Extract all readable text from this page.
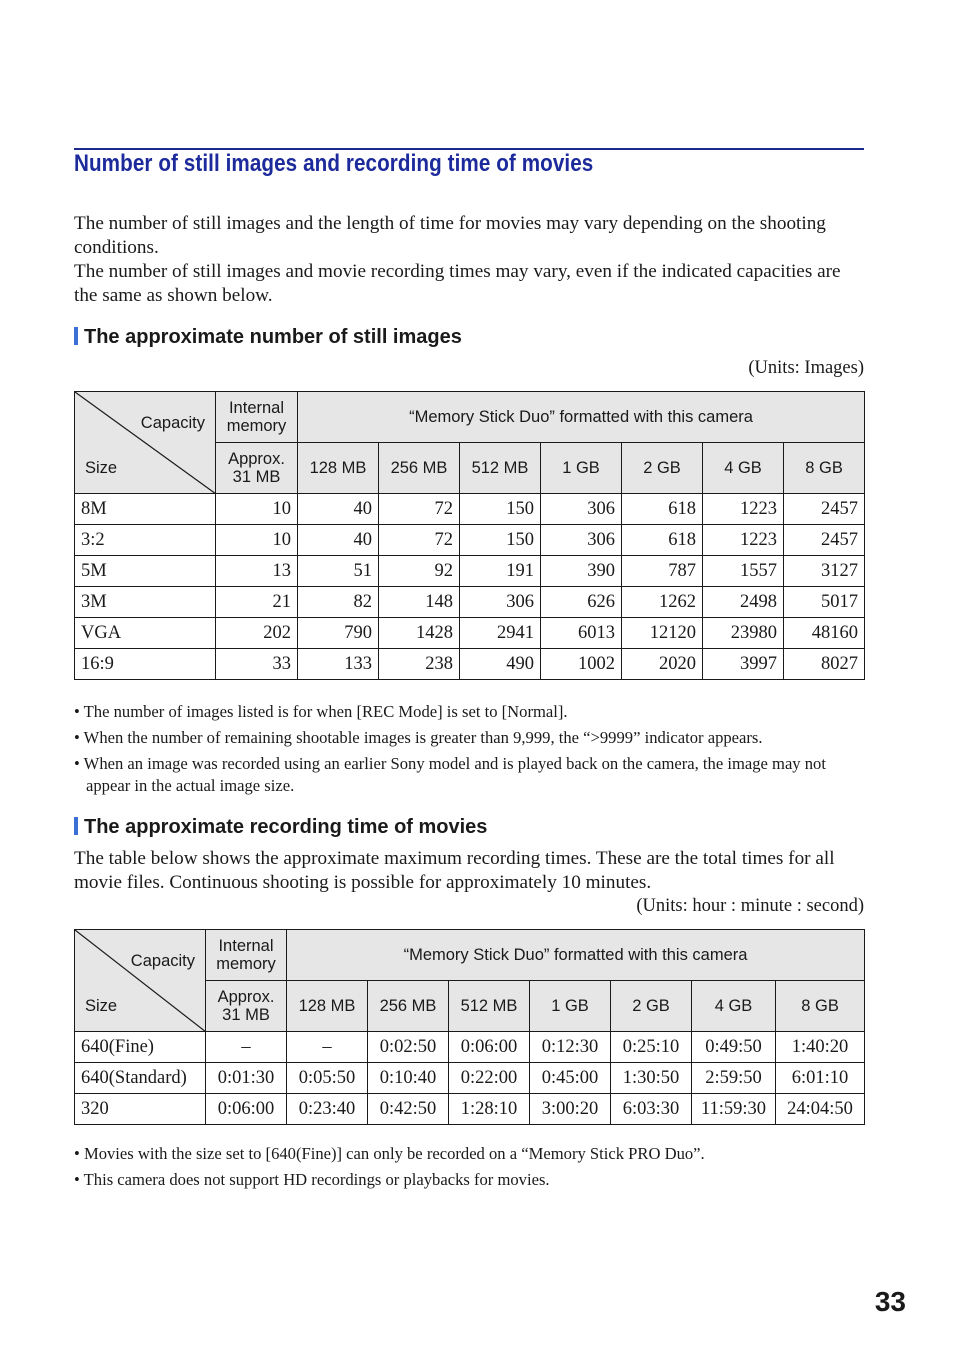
Number of still images and recording time of movies

The number of still images and the length of time for movies may vary depending on the shooting conditions.

The number of still images and movie recording times may vary, even if the indicated capacities are the same as shown below.

The approximate number of still images
(Units: Images)
Capacity
Size	Internal memory	“Memory Stick Duo” formatted with this camera						
	Approx. 31 MB	128 MB	256 MB	512 MB	1 GB	2 GB	4 GB	8 GB
8M	10	40	72	150	306	618	1223	2457
3:2	10	40	72	150	306	618	1223	2457
5M	13	51	92	191	390	787	1557	3127
3M	21	82	148	306	626	1262	2498	5017
VGA	202	790	1428	2941	6013	12120	23980	48160
16:9	33	133	238	490	1002	2020	3997	8027

• The number of images listed is for when [REC Mode] is set to [Normal].

• When the number of remaining shootable images is greater than 9,999, the “>9999” indicator appears.

• When an image was recorded using an earlier Sony model and is played back on the camera, the image may not appear in the actual image size.

The approximate recording time of movies

The table below shows the approximate maximum recording times. These are the total times for all movie files. Continuous shooting is possible for approximately 10 minutes.

(Units: hour : minute : second)
Capacity
Size	Internal memory	“Memory Stick Duo” formatted with this camera						
	Approx. 31 MB	128 MB	256 MB	512 MB	1 GB	2 GB	4 GB	8 GB
640(Fine)	–	–	0:02:50	0:06:00	0:12:30	0:25:10	0:49:50	1:40:20
640(Standard)	0:01:30	0:05:50	0:10:40	0:22:00	0:45:00	1:30:50	2:59:50	6:01:10
320	0:06:00	0:23:40	0:42:50	1:28:10	3:00:20	6:03:30	11:59:30	24:04:50

• Movies with the size set to [640(Fine)] can only be recorded on a “Memory Stick PRO Duo”.

• This camera does not support HD recordings or playbacks for movies.

33
